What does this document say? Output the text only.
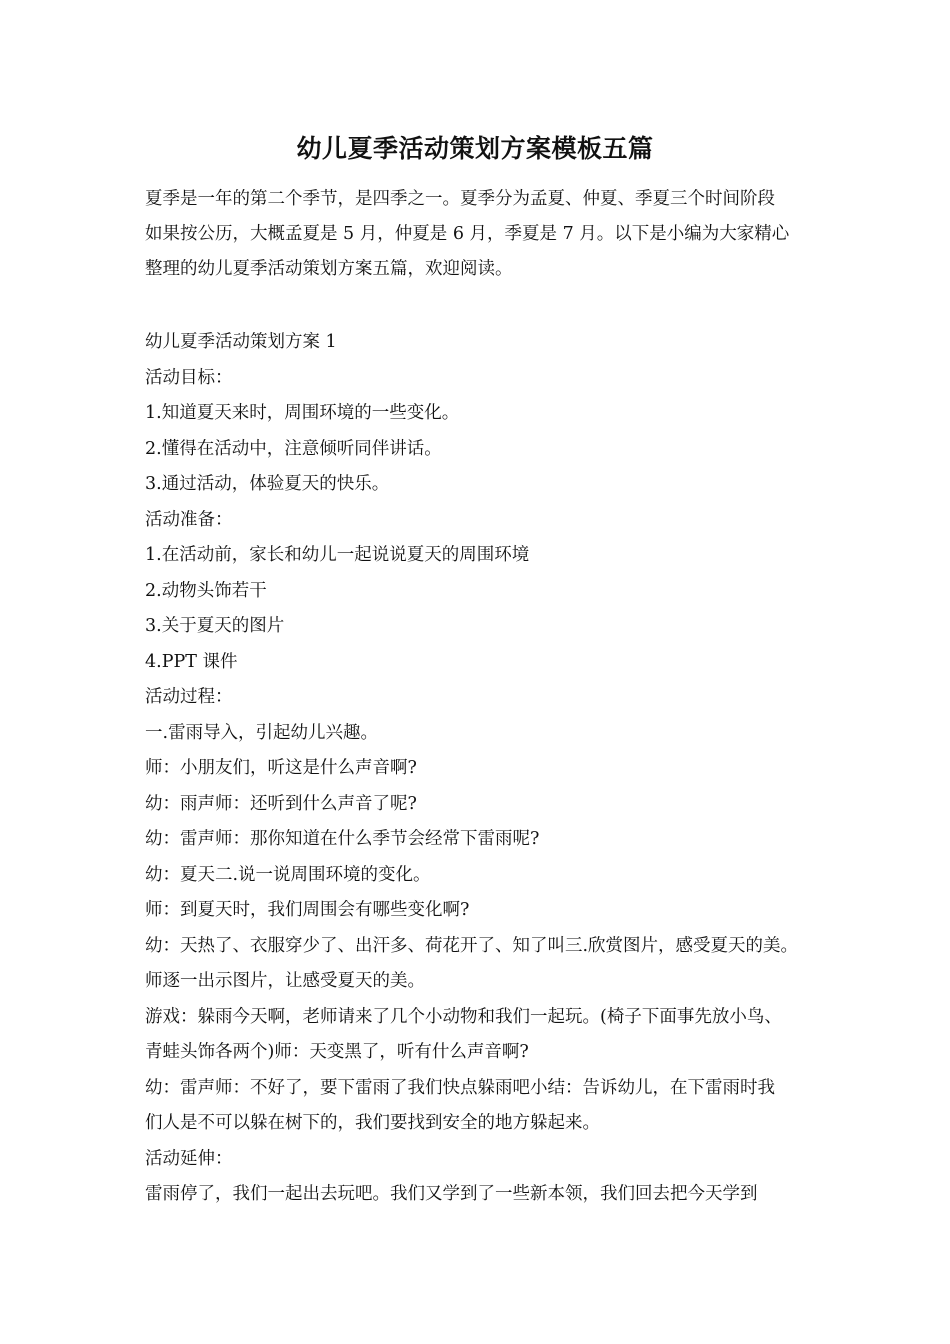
幼儿夏季活动策划方案模板五篇

夏季是一年的第二个季节，是四季之一。夏季分为孟夏、仲夏、季夏三个时间阶段

如果按公历，大概孟夏是 5 月，仲夏是 6 月，季夏是 7 月。以下是小编为大家精心

整理的幼儿夏季活动策划方案五篇，欢迎阅读。

幼儿夏季活动策划方案 1

活动目标：

1.知道夏天来时，周围环境的一些变化。

2.懂得在活动中，注意倾听同伴讲话。

3.通过活动，体验夏天的快乐。

活动准备：

1.在活动前，家长和幼儿一起说说夏天的周围环境

2.动物头饰若干

3.关于夏天的图片

4.PPT 课件

活动过程：

一.雷雨导入，引起幼儿兴趣。

师：小朋友们，听这是什么声音啊?

幼：雨声师：还听到什么声音了呢?

幼：雷声师：那你知道在什么季节会经常下雷雨呢?

幼：夏天二.说一说周围环境的变化。

师：到夏天时，我们周围会有哪些变化啊?

幼：天热了、衣服穿少了、出汗多、荷花开了、知了叫三.欣赏图片，感受夏天的美。

师逐一出示图片，让感受夏天的美。

游戏：躲雨今天啊，老师请来了几个小动物和我们一起玩。(椅子下面事先放小鸟、

青蛙头饰各两个)师：天变黑了，听有什么声音啊?

幼：雷声师：不好了，要下雷雨了我们快点躲雨吧小结：告诉幼儿，在下雷雨时我

们人是不可以躲在树下的，我们要找到安全的地方躲起来。

活动延伸：

雷雨停了，我们一起出去玩吧。我们又学到了一些新本领，我们回去把今天学到
